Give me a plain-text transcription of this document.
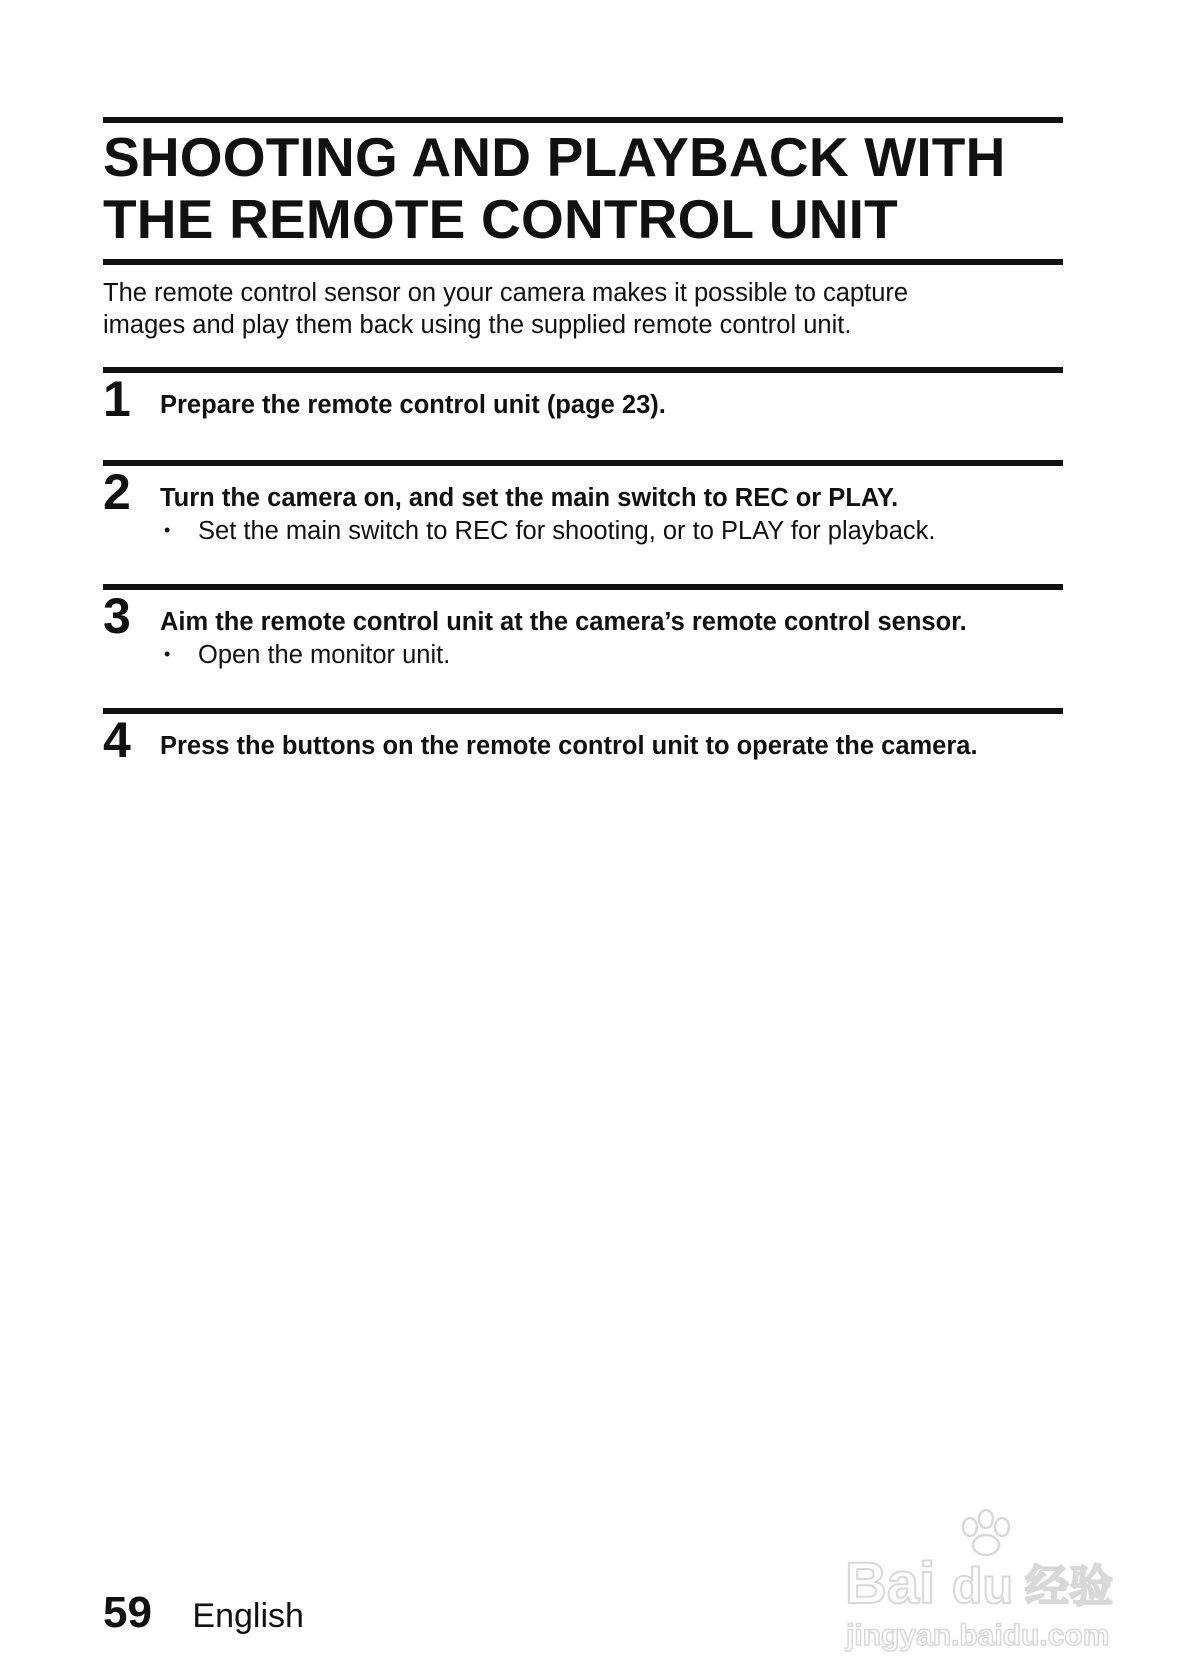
SHOOTING AND PLAYBACK WITH
THE REMOTE CONTROL UNIT
The remote control sensor on your camera makes it possible to capture
images and play them back using the supplied remote control unit.
1 Prepare the remote control unit (page 23).
2 Turn the camera on, and set the main switch to REC or PLAY.
• Set the main switch to REC for shooting, or to PLAY for playback.
3 Aim the remote control unit at the camera’s remote control sensor.
• Open the monitor unit.
4 Press the buttons on the remote control unit to operate the camera.
59 English	Bai du 经验
jingyan.baidu.com
